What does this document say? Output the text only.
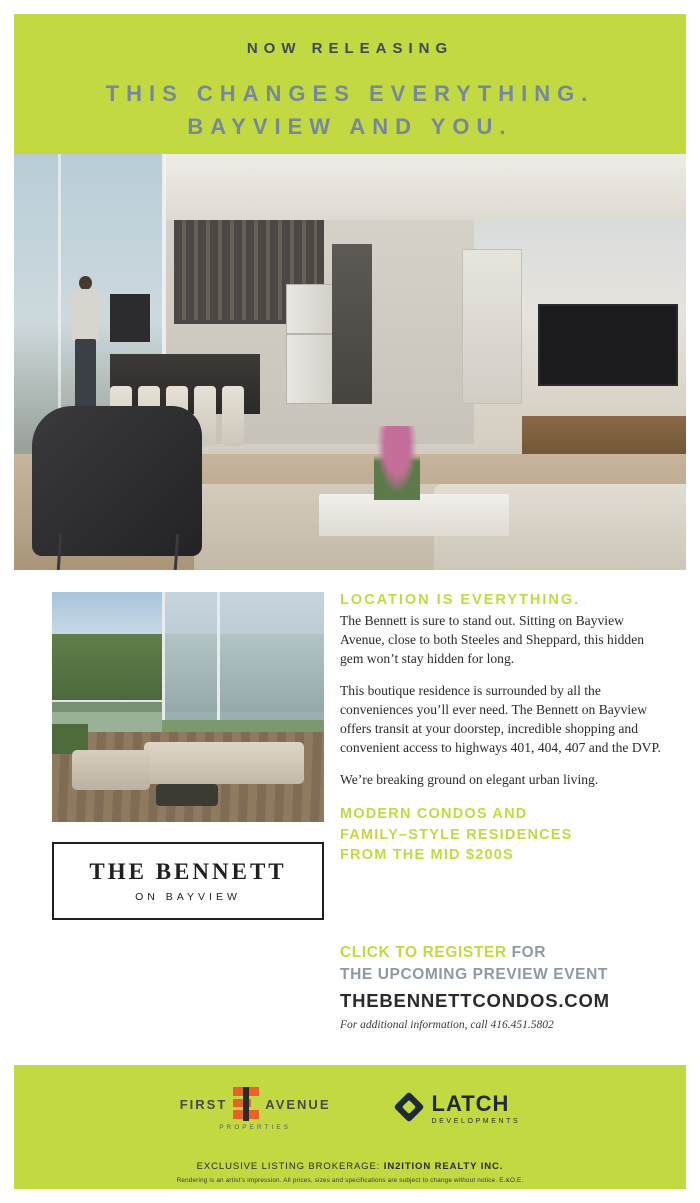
NOW RELEASING
THIS CHANGES EVERYTHING.
BAYVIEW AND YOU.
THE BENNETT
ON BAYVIEW
LOCATION IS EVERYTHING.

The Bennett is sure to stand out. Sitting on Bayview Avenue, close to both Steeles and Sheppard, this hidden gem won’t stay hidden for long.

This boutique residence is surrounded by all the conveniences you’ll ever need. The Bennett on Bayview offers transit at your doorstep, incredible shopping and convenient access to highways 401, 404, 407 and the DVP.

We’re breaking ground on elegant urban living.

MODERN CONDOS AND
FAMILY–STYLE RESIDENCES
FROM THE MID $200S
CLICK TO REGISTER FOR
THE UPCOMING PREVIEW EVENT
THEBENNETTCONDOS.COM
For additional information, call 416.451.5802
FIRST	AVENUE
PROPERTIES
LATCH
DEVELOPMENTS
EXCLUSIVE LISTING BROKERAGE: IN2ITION REALTY INC.
Rendering is an artist’s impression. All prices, sizes and specifications are subject to change without notice. E.&O.E.
